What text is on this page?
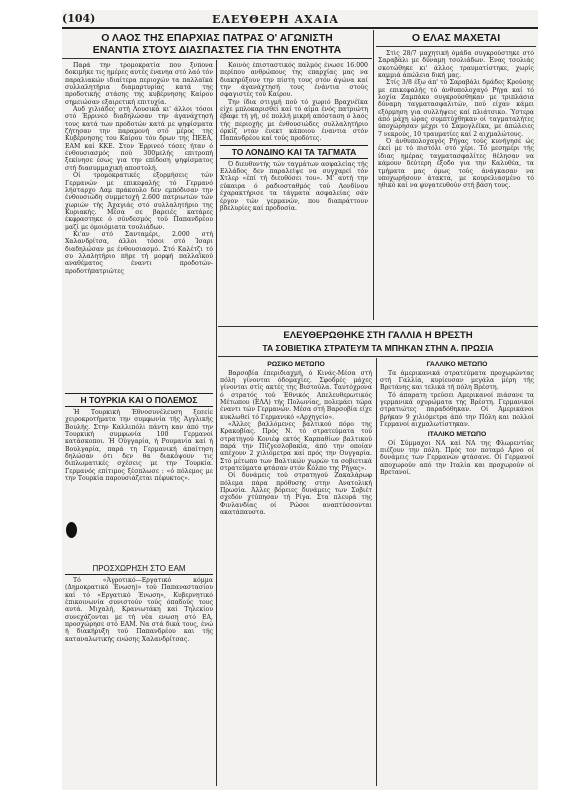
(104)	ΕΛΕΥΘΕΡΗ ΑΧΑΙΑ
Ο ΛΑΟΣ ΤΗΣ ΕΠΑΡΧΙΑΣ ΠΑΤΡΑΣ Ο' ΑΓΩΝΙΣΤΗ
ΕΝΑΝΤΙΑ ΣΤΟΥΣ ΔΙΑΣΠΑΣΤΕΣ ΓΙΑ ΤΗΝ ΕΝΟΤΗΤΑ

Παρά την τρομοκρατία που ξνπονα δοκιμήκε τις ημέρες αυτές ένανηα στό λαό τόν παραλιακών ιδιαίτερα περιοχών τα παλλαϊκά συλλαλητήρια διαμαρτυρίας κατά της προδοτικής στάσης της κυβέρνησης Καίρου σημειώσαν εξαιρετική επιτυχία.

Αυδ χιλιάδες στή Λουσικά κι' άλλοι τόσοι στό Έρρινεό διαδηλώσαν την άγανάχτησή τους κατά των προδοτών κατά με ψηφίσματα ζήτησαν την παραμονή στό μέρος της Κυβέρνησης του Καίρου τόυ δρων της ΠΕΕΑ, ΕΑΜ καί ΚΚΕ. Στον Έρρινεό τόσες ήταν ό ένθουσιασμός πού 300μελής επιτροπή ξεκίνησε έσως για την επίδοση ψηφίσματος στή διασυμμαχική αποστολή.

Οί τρομοκρατικές εξορμήσεις τών Γερμανών με επικεφαλής τό Γερμανό λήσταρχο Λαμ πράκουλο δεν εμπόδισαν την ένθουσιώδη συμμετοχή 2.600 πατριωτών τών χωριών τής Άχαγιάς στό συλλαλητήριο της Κυριακής. Μέσα σε βαρειές κατάρες έκφραστηκε ό σύνδεσμός τού Παπανδρέου μαζί με όμοιόμιατα τσολιάδων.

Κι'αν στό Σανταμέρι, 2.000 στή Χαλανδρίτσα, άλλοι τόσοι στό Ίσαρι διαδηλώσαν με ένθουσιασμό. Στό Καλέτζι τό συ λλαλητήριο πήρε τή μορφή παλλαϊκού αναθέματος έναντι προδοτών-προδοτήπατριώτες

Η ΤΟΥΡΚΙΑ ΚΑΙ Ο ΠΟΛΕΜΟΣ

Ή Τουρκική Έθνοσυνέλευση ξεσείε χειροκροτήματα την συμφωνία τής Άγγλικής Βουλής. Στην Καλλιπόλι πάντη καν άπό την Τουρκική συμφωνία 100 Γερμανοί κατάσκοποι. Ή Ούγγαρία, ή Ρουμανία καί ή Βουλγαρία, παρά τη Γερμανική άπαίτηση δηλώσαν ότι δεν θα διακόψουν τις διπλωματικές σχέσεις με την Τουρκία. Γερμανός επίτιμος ξέσπλωσε : «ό πόλεμος με την Τουρκία παρουσιάζεται πέφυκτος».

ΠΡΟΣΧΩΡΗΣΗ ΣΤΟ ΕΑΜ

Τό «Άγροτικό—Εργατικό κόμμα (Δημοκρατικό Ένωση)» τού Παπαναστασίου καί τό «Εργατικό Ένωση», Κυβερνητικό έπικοινωνία συνιστούν τούς όπαδούς τους αυτά. Μιχαλή, Κρανιωτάκη καί Τηλεκίου συνεχάζονται με τή νέα ενωση στό ΕΑ, προσχώρησε στό ΕΑΜ. Να στά δικά τους, ένώ ή διακήρυξη τού Παπανδρέου και τής καταναλωτικής ενώσης Χαλανδρίτσας.

Κοινός έπισταστικός παλμός ένωσε 16.000 περίπου ανθρώπους της επαρχίας μας να διακηρύξουν την πίστη τους στόν άγώνα καί την άγανάχτησή τους ένάντια στούς σφαγιστές τού Καίρου.

Την ίδια στιγμή πού τό χωριό Βραχνέϊκα είχε μπλοκαρισθεί καί τό αίμα ένός πατριώτη έβαφε τή γή, σέ πολλή μικρή απόσταση ό λαός τής περιοχής με ένθουσιώδες συλλαλητήριο όρκίζ νταν ένεκτ κάποιου έναντια στόν Παπανδρέου καί τούς προδότες.

ΤΟ ΛΟΝΔΙΝΟ ΚΑΙ ΤΑ ΤΑΓΜΑΤΑ

Ό διευθυντής τών ταγμάτων ασφαλείας τής Ελλάδος δεν παραλείψε να συγχαρεί τόν Χτλερ «έπί τή διευθόσει του». Μ' αυτή την εύκαιρα ό ραδιοσταθμός τού Λονδίνου έχαρακτήρισε τα τάγματα ασφαλείας σάν έργον τών γερμανών, που διαπράττουν βδελυρίες καί προδοσία.

Ο ΕΛΑΣ ΜΑΧΕΤΑΙ

Στίς 28/7 μαχητική όμάδα συγκρούστηκε στό Σαραβάλι με δύναμη τσολιάδων. Ένας τσολιάς σκοτώθηκε κι' άλλος τραυματίστηκε, χωρίς καμμιά άπώλεια δική μας.

Στίς 3/8 έξω άπ' τό Σαραβάλι δμάδες Κρούσης με επικεφαλής τό άνθυπολοχαγό Ρήγα καί τό λοχία Ζαμπάκο συγκρούσθηκαν με τριπλάσια δύναμη ταγματασφαλιτών, πού είχαν κάμει εξόρμηση για συλλήψεις καί πλιάτσικο. Ύστερα άπό μάχη ώρας συμπτύχθηκαν οί ταγματαλήτες ύποχώρησαν μέχρι τό Σαμογλέϊκα, με άπώλειες 7 νεκρούς, 10 τραυματίες καί 2 αιχμαλώτους.

Ό άνθυπολοχαγός Ρήγας τούς κυνήγησε ώς έκεί με τό πιστόλι στό χέρι. Τό μεσημέρι τής ίδιας ημέρας ταγματασφαλίτες θέλησαν να κάμουν δεύτερη έξοδο για την Καλυθέα, τα τμήματα μας όμως τούς άνάγκασαν να υποχωρήσουν άτακτα, με κουρελιασμένο τό ηθικό καί να φυγατευθούν στή βάση τους.

ΕΛΕΥΘΕΡΩΘΗΚΕ ΣΤΗ ΓΑΛΛΙΑ Η ΒΡΕΣΤΗ
ΤΑ ΣΟΒΙΕΤΙΚΑ ΣΤΡΑΤΕΥΜ ΤΑ ΜΠΗΚΑΝ ΣΤΗΝ Α. ΠΡΩΣΙΑ
ΡΩΣΙΚΟ ΜΕΤΩΠΟ

Βαρσοβία έπεριδιαχμή, ό Κινάς-Μέσα στή πόλη γίνονται όδομαχίες. Σφοδρές μάχες γίνονται στίς ακτές της Βιστούλα. Ταυτόχρονα ό στρατός τού Έθνικός Απελευθερωτικός Μέτωπου (ΕΛΛ) τής Πολωνίας, πολεμάει τώρα έναντι τών Γερμανών. Μέσα στή Βαρσοβία είχε κυκλωθεί τό Γερμανικό «Αρχηγείο».

«Άλλες βαλλόμενες βαλτικού πόρο της Κρακοβίας. Πρός Ν. τό στρατεύματα τού στρατηγού Κονιέφ εκτός Καρπαθίων βαλτικού παρά την Πίζγεσλοβακία, άπό την οποίαν απέχουν 2 χιλιόμετρα καί πρός την Ουγγαρία. Στό μέτωπο των Βαλτικών χωρών τα σοβιετικά στρατεύματα φτάσαν στόν Κόλπο της Ρήγας».

Οί δυνάμεις τού στρατηγού Ζακαλάρωφ πόλεμα πάρα πρόθυσης στην Ανατολική Πρωσία. Άλλες βόρειες δυνάμεις των Σοβιέτ σχεδόν χτύπησαν τή Ρίγα. Στα πλευρά της Φινλανδίας οί Ρώσοι αναπτύσσονται ακατάπαυστα.

ΓΑΛΛΙΚΟ ΜΕΤΩΠΟ

Τα άμερικανικά στρατεύματα προχωρώντας στή Γαλλία, κυρίευσαν μεγάλα μέρη τής Βρετάνης και τελικά τή πόλη Βρέστη.

Τό άπαρατη τρεύσει Αμερικανοί πιάσανε τα γερμανικά οχυρώματα της Βρέστη. Γερμανικοί στρατιώτες παραδόθηκαν. Οί Άμερικάνοι βρήκαν 9 χιλιόμετρα άπό την Πόλη και πολλοί Γερμανοί αιχμαλωτίστηκαν.

ΙΤΑΛΙΚΟ ΜΕΤΩΠΟ

Οί Σύμμαχοι ΝΑ καί ΝΑ της Φλωρεντίας πιέζουν την πόλη. Πρός τον ποταμό Αρνο οί δυνάμεις των Γερμανών φτάσανε. Οί Γερμανοί αποχωρούν από την Ιταλία και προχωρούν οί Βρετανοί.
